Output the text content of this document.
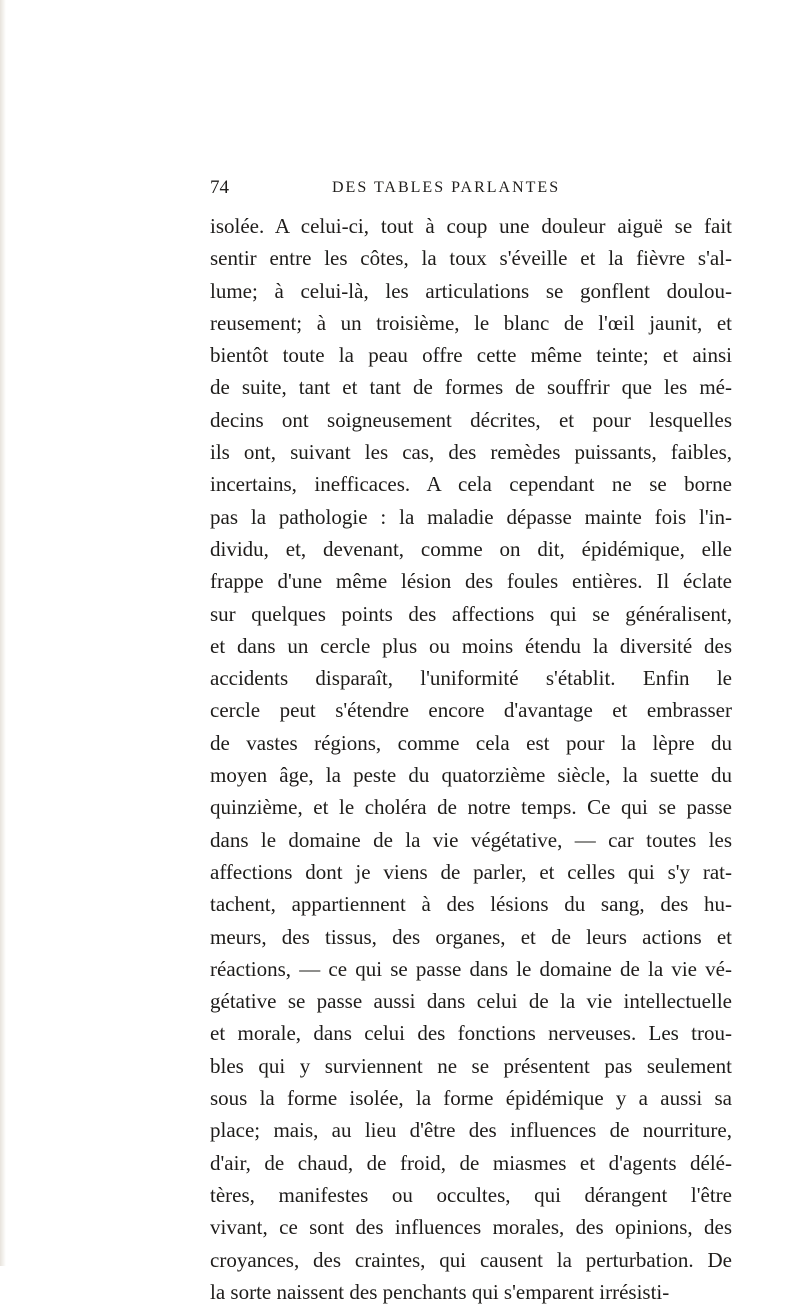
74	DES TABLES PARLANTES
isolée. A celui-ci, tout à coup une douleur aiguë se fait
sentir entre les côtes, la toux s'éveille et la fièvre s'al-
lume; à celui-là, les articulations se gonflent doulou-
reusement; à un troisième, le blanc de l'œil jaunit, et
bientôt toute la peau offre cette même teinte; et ainsi
de suite, tant et tant de formes de souffrir que les mé-
decins ont soigneusement décrites, et pour lesquelles
ils ont, suivant les cas, des remèdes puissants, faibles,
incertains, inefficaces. A cela cependant ne se borne
pas la pathologie : la maladie dépasse mainte fois l'in-
dividu, et, devenant, comme on dit, épidémique, elle
frappe d'une même lésion des foules entières. Il éclate
sur quelques points des affections qui se généralisent,
et dans un cercle plus ou moins étendu la diversité des
accidents disparaît, l'uniformité s'établit. Enfin le
cercle peut s'étendre encore d'avantage et embrasser
de vastes régions, comme cela est pour la lèpre du
moyen âge, la peste du quatorzième siècle, la suette du
quinzième, et le choléra de notre temps. Ce qui se passe
dans le domaine de la vie végétative, — car toutes les
affections dont je viens de parler, et celles qui s'y rat-
tachent, appartiennent à des lésions du sang, des hu-
meurs, des tissus, des organes, et de leurs actions et
réactions, — ce qui se passe dans le domaine de la vie vé-
gétative se passe aussi dans celui de la vie intellectuelle
et morale, dans celui des fonctions nerveuses. Les trou-
bles qui y surviennent ne se présentent pas seulement
sous la forme isolée, la forme épidémique y a aussi sa
place; mais, au lieu d'être des influences de nourriture,
d'air, de chaud, de froid, de miasmes et d'agents délé-
tères, manifestes ou occultes, qui dérangent l'être
vivant, ce sont des influences morales, des opinions, des
croyances, des craintes, qui causent la perturbation. De
la sorte naissent des penchants qui s'emparent irrésisti-
